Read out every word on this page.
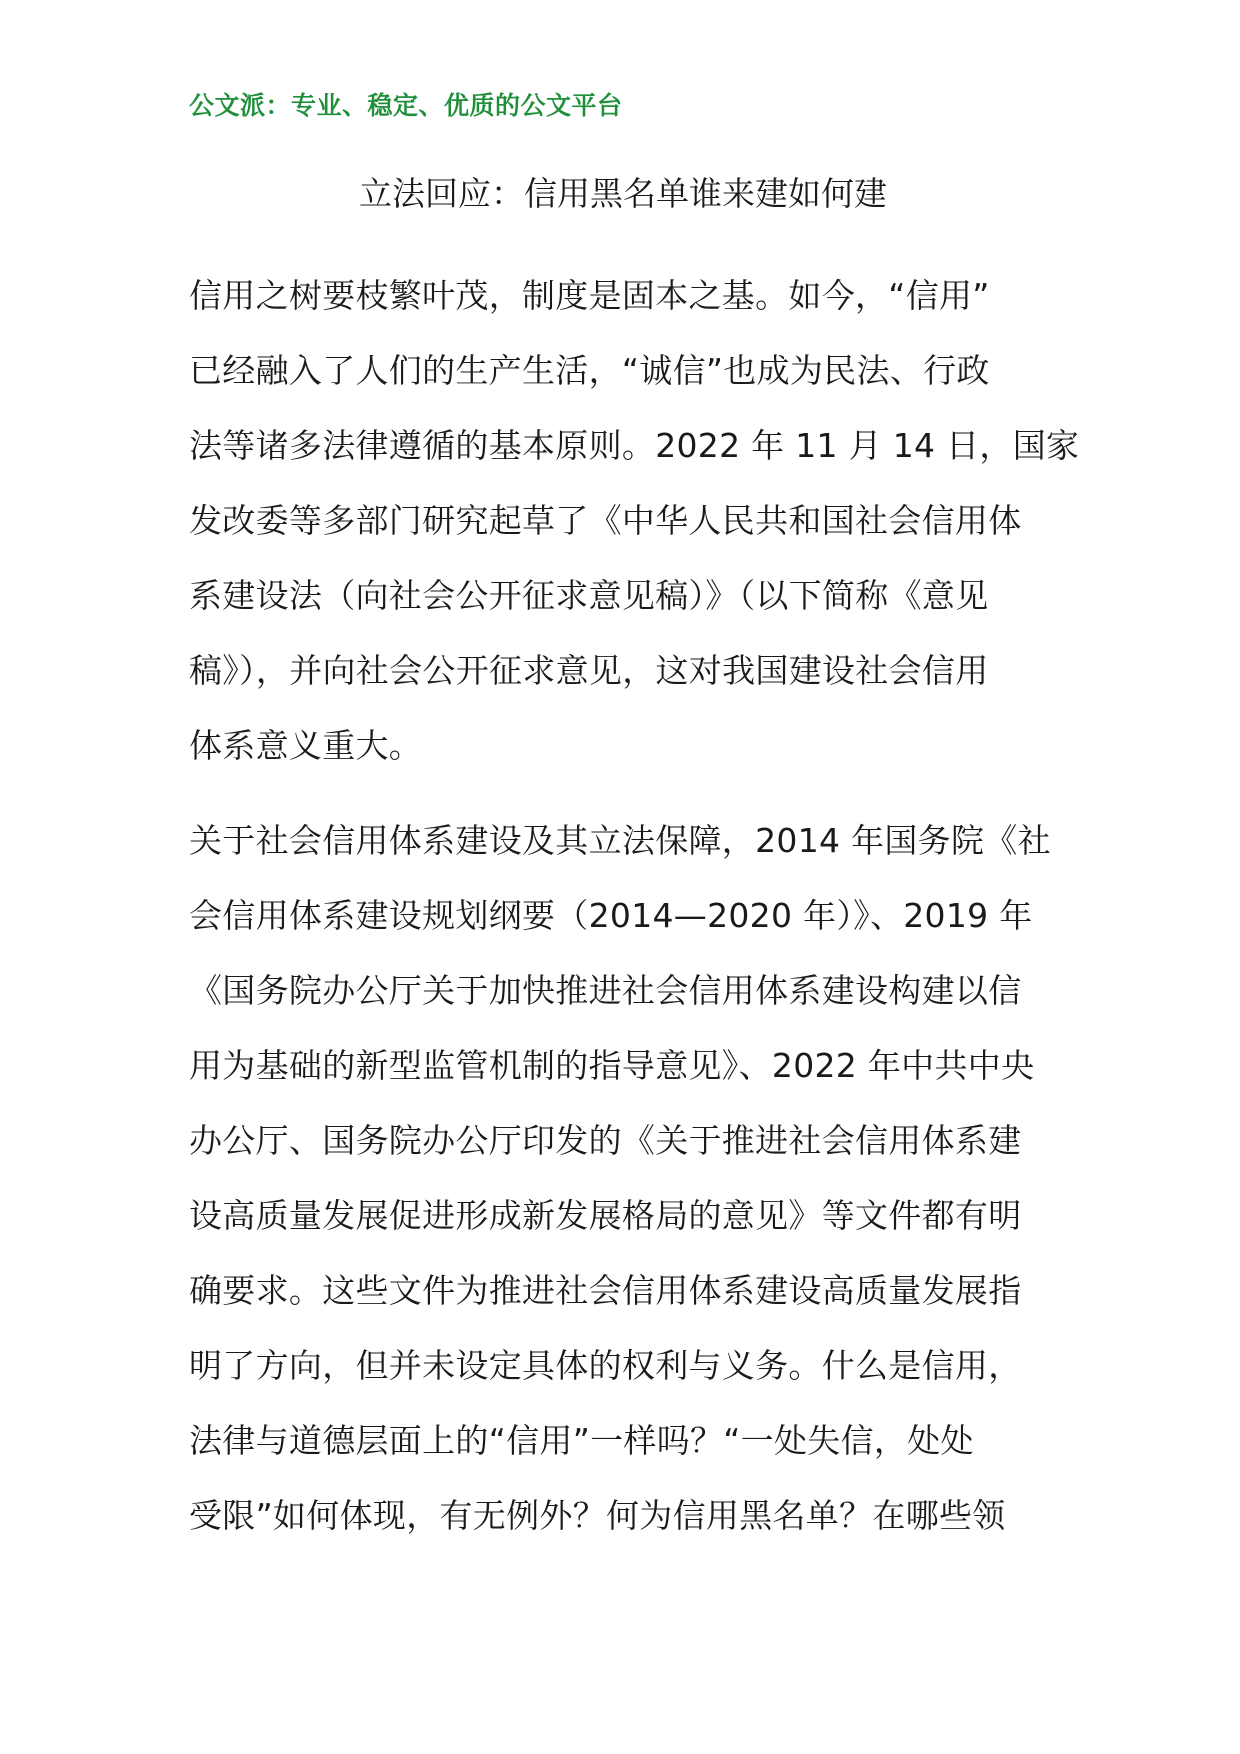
公文派：专业、稳定、优质的公文平台
立法回应：信用黑名单谁来建如何建
信用之树要枝繁叶茂，制度是固本之基。如今，“信用”
已经融入了人们的生产生活，“诚信”也成为民法、行政
法等诸多法律遵循的基本原则。2022 年 11 月 14 日，国家
发改委等多部门研究起草了《中华人民共和国社会信用体
系建设法（向社会公开征求意见稿）》（以下简称《意见
稿》），并向社会公开征求意见，这对我国建设社会信用
体系意义重大。
关于社会信用体系建设及其立法保障，2014 年国务院《社
会信用体系建设规划纲要（2014—2020 年）》、2019 年
《国务院办公厅关于加快推进社会信用体系建设构建以信
用为基础的新型监管机制的指导意见》、2022 年中共中央
办公厅、国务院办公厅印发的《关于推进社会信用体系建
设高质量发展促进形成新发展格局的意见》等文件都有明
确要求。这些文件为推进社会信用体系建设高质量发展指
明了方向，但并未设定具体的权利与义务。什么是信用，
法律与道德层面上的“信用”一样吗？“一处失信，处处
受限”如何体现，有无例外？何为信用黑名单？在哪些领
